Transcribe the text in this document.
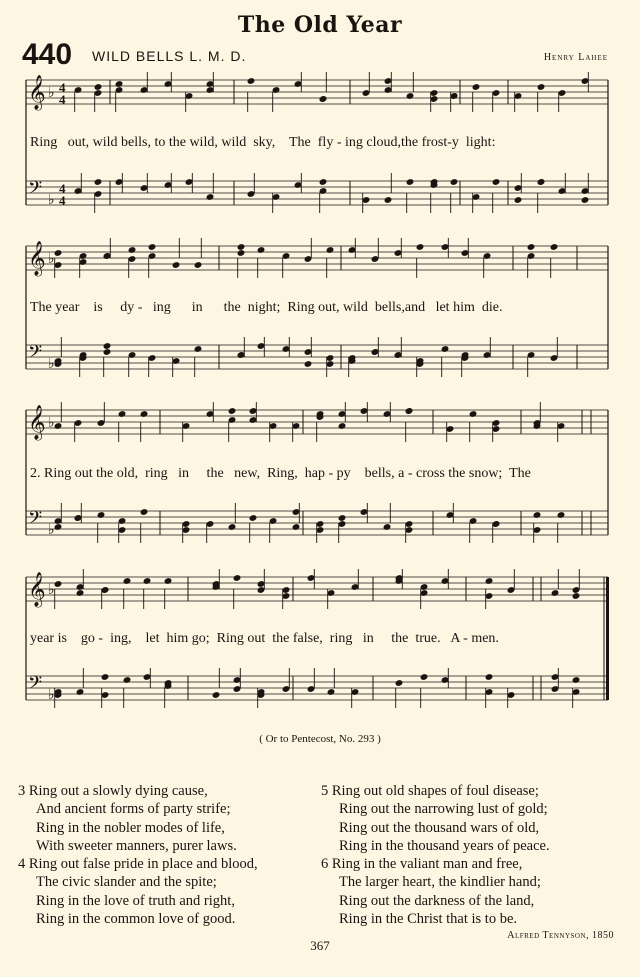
The Old Year
440 WILD BELLS L. M. D.	Henry Lahee
𝄞 ♭ 4
4
𝄢 ♭
4
4
𝄞 ♭
𝄢 ♭
𝄞 ♭
𝄢 ♭
𝄞 ♭
𝄢 ♭
Ring   out, wild bells, to the wild, wild  sky,    The  fly - ing cloud,the frost-y  light:
The year    is     dy -   ing      in      the  night;  Ring out, wild  bells,and   let him  die.
2. Ring out the old,  ring   in     the   new,  Ring,  hap - py    bells, a - cross the snow;  The
year is    go -  ing,    let  him go;  Ring out  the false,  ring   in     the  true.   A - men.
( Or to Pentecost, No. 293 )
3 Ring out a slowly dying cause,
And ancient forms of party strife;
Ring in the nobler modes of life,
With sweeter manners, purer laws.
4 Ring out false pride in place and blood,
The civic slander and the spite;
Ring in the love of truth and right,
Ring in the common love of good.
5 Ring out old shapes of foul disease;
Ring out the narrowing lust of gold;
Ring out the thousand wars of old,
Ring in the thousand years of peace.
6 Ring in the valiant man and free,
The larger heart, the kindlier hand;
Ring out the darkness of the land,
Ring in the Christ that is to be.
Alfred Tennyson, 1850
367
